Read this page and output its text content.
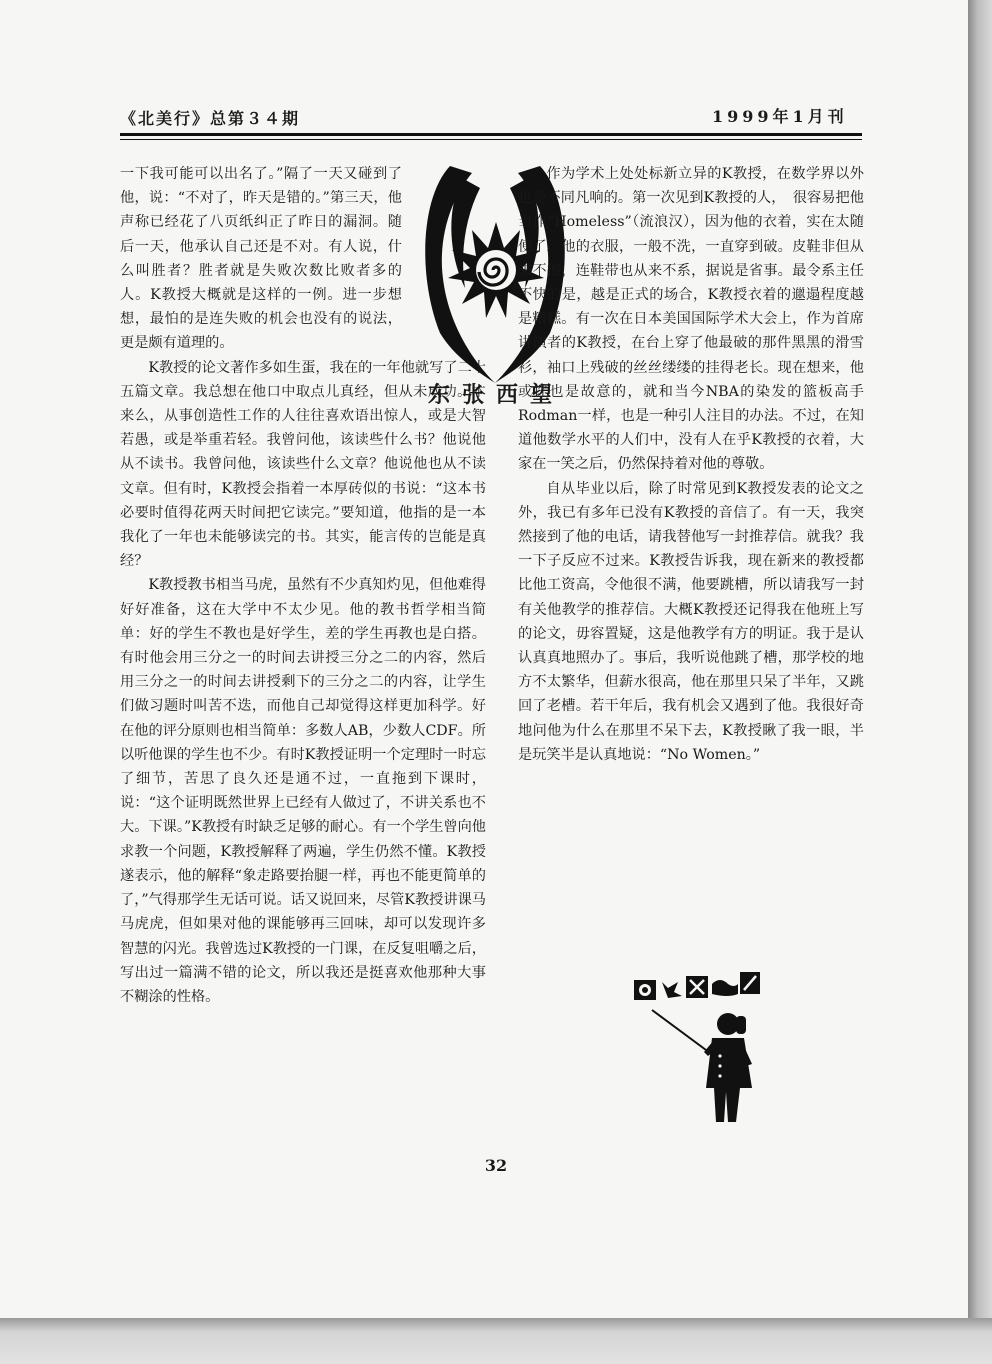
《北美行》总第３４期	1999年1月刊
东张西望

一下我可能可以出名了。”隔了一天又碰到了他，说：“不对了，昨天是错的。”第三天，他声称已经花了八页纸纠正了昨日的漏洞。随后一天，他承认自己还是不对。有人说，什么叫胜者？胜者就是失败次数比败者多的人。K教授大概就是这样的一例。进一步想想，最怕的是连失败的机会也没有的说法，更是颇有道理的。

K教授的论文著作多如生蛋，我在的一年他就写了二十五篇文章。我总想在他口中取点儿真经，但从未成功。本来么，从事创造性工作的人往往喜欢语出惊人，或是大智若愚，或是举重若轻。我曾问他，该读些什么书？他说他从不读书。我曾问他，该读些什么文章？他说他也从不读文章。但有时，K教授会指着一本厚砖似的书说：“这本书必要时值得花两天时间把它读完。”要知道，他指的是一本我化了一年也未能够读完的书。其实，能言传的岂能是真经？

K教授教书相当马虎，虽然有不少真知灼见，但他难得好好准备，这在大学中不太少见。他的教书哲学相当简单：好的学生不教也是好学生，差的学生再教也是白搭。有时他会用三分之一的时间去讲授三分之二的内容，然后用三分之一的时间去讲授剩下的三分之二的内容，让学生们做习题时叫苦不迭，而他自己却觉得这样更加科学。好在他的评分原则也相当简单：多数人AB，少数人CDF。所以听他课的学生也不少。有时K教授证明一个定理时一时忘了细节，苦思了良久还是通不过，一直拖到下课时，说：“这个证明既然世界上已经有人做过了，不讲关系也不大。下课。”K教授有时缺乏足够的耐心。有一个学生曾向他求教一个问题，K教授解释了两遍，学生仍然不懂。K教授遂表示，他的解释“象走路要抬腿一样，再也不能更简单的了，”气得那学生无话可说。话又说回来，尽管K教授讲课马马虎虎，但如果对他的课能够再三回味，却可以发现许多智慧的闪光。我曾选过K教授的一门课，在反复咀嚼之后，写出过一篇满不错的论文，所以我还是挺喜欢他那种大事不糊涂的性格。

作为学术上处处标新立异的K教授，在数学界以外也是不同凡响的。第一次见到K教授的人，　很容易把他当作“Homeless”（流浪汉），因为他的衣着，实在太随便了。他的衣服，一般不洗，一直穿到破。皮鞋非但从来不擦，连鞋带也从来不系，据说是省事。最令系主任不快的是，越是正式的场合，K教授衣着的邋遢程度越是糟糕。有一次在日本美国国际学术大会上，作为首席讲演者的K教授，在台上穿了他最破的那件黑黑的滑雪衫，袖口上残破的丝丝缕缕的挂得老长。现在想来，他或许也是故意的，就和当今NBA的染发的篮板高手Rodman一样，也是一种引人注目的办法。不过，在知道他数学水平的人们中，没有人在乎K教授的衣着，大家在一笑之后，仍然保持着对他的尊敬。

自从毕业以后，除了时常见到K教授发表的论文之外，我已有多年已没有K教授的音信了。有一天，我突然接到了他的电话，请我替他写一封推荐信。就我？我一下子反应不过来。K教授告诉我，现在新来的教授都比他工资高，令他很不满，他要跳槽，所以请我写一封有关他教学的推荐信。大概K教授还记得我在他班上写的论文，毋容置疑，这是他教学有方的明证。我于是认认真真地照办了。事后，我听说他跳了槽，那学校的地方不太繁华，但薪水很高，他在那里只呆了半年，又跳回了老槽。若干年后，我有机会又遇到了他。我很好奇地问他为什么在那里不呆下去，K教授瞅了我一眼，半是玩笑半是认真地说：“No Women。”

32
